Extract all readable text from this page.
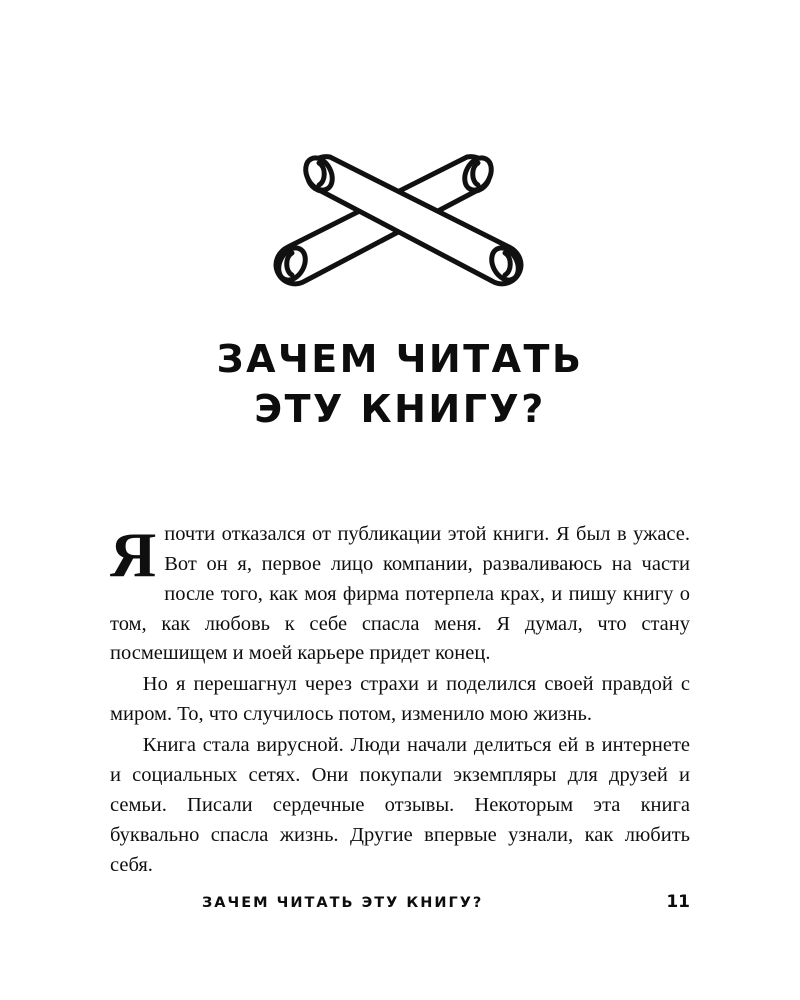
ЗАЧЕМ ЧИТАТЬ
ЭТУ КНИГУ?

Япочти отказался от публикации этой книги. Я был в ужасе. Вот он я, первое лицо компании, разваливаюсь на части после того, как моя фирма потерпела крах, и пишу книгу о том, как любовь к себе спасла меня. Я думал, что стану посмешищем и моей карьере придет конец.

Но я перешагнул через страхи и поделился своей правдой с миром. То, что случилось потом, изменило мою жизнь.

Книга стала вирусной. Люди начали делиться ей в интернете и социальных сетях. Они покупали экземпляры для друзей и семьи. Писали сердечные отзывы. Некоторым эта книга буквально спасла жизнь. Другие впервые узнали, как любить себя.

ЗАЧЕМ ЧИТАТЬ ЭТУ КНИГУ?	11
